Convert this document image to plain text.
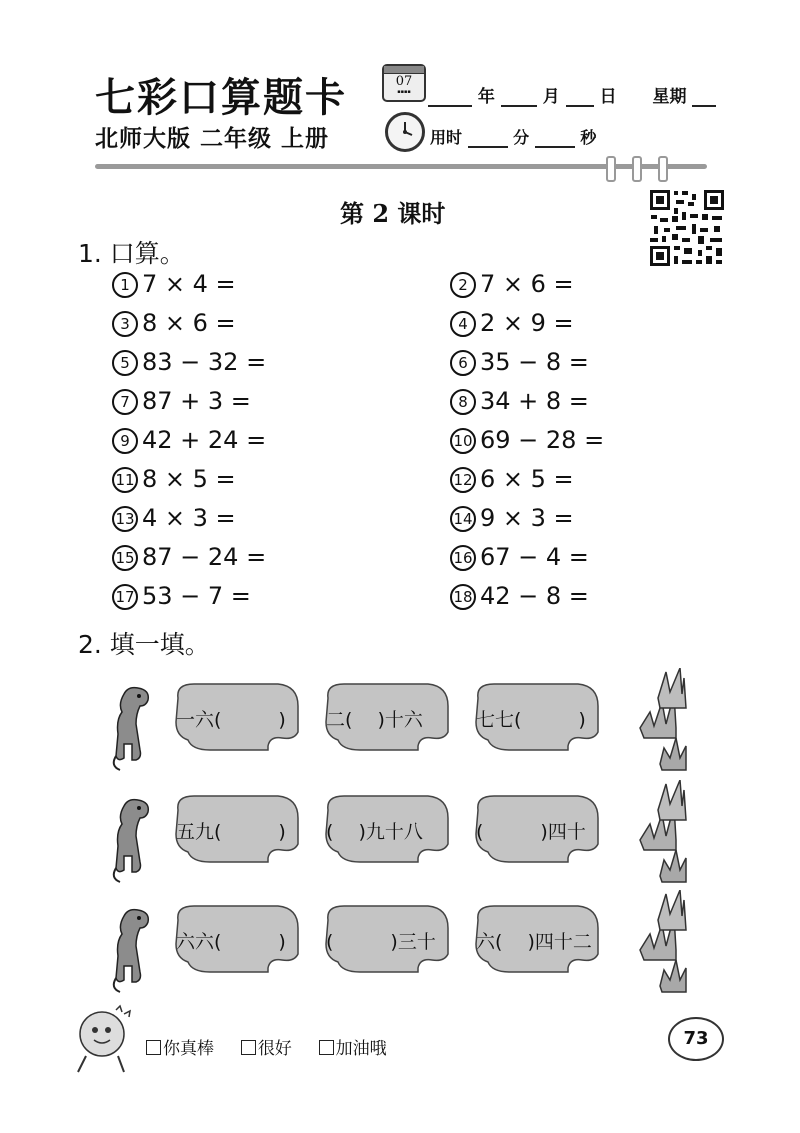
七彩口算题卡
北师大版 二年级 上册
07
▪▪▪▪	年	月 日 星期
用时	分	秒
第 2 课时
1. 口算。
1 7 × 4 =	2 7 × 6 =
3 8 × 6 =	4 2 × 9 =
5 83 − 32 =	6 35 − 8 =
7 87 + 3 =	8 34 + 8 =
9 42 + 24 =	10 69 − 28 =
11 8 × 5 =	12 6 × 5 =
13 4 × 3 =	14 9 × 3 =
15 87 − 24 =	16 67 − 4 =
17 53 − 7 =	18 42 − 8 =
2. 填一填。
一六(　　　) 二(　 )十六	七七(　　　)
五九(　　　) (　 )九十八	(　　　)四十
六六(　　　) (　　　)三十 六(　 )四十二
你真棒	很好	加油哦	73
